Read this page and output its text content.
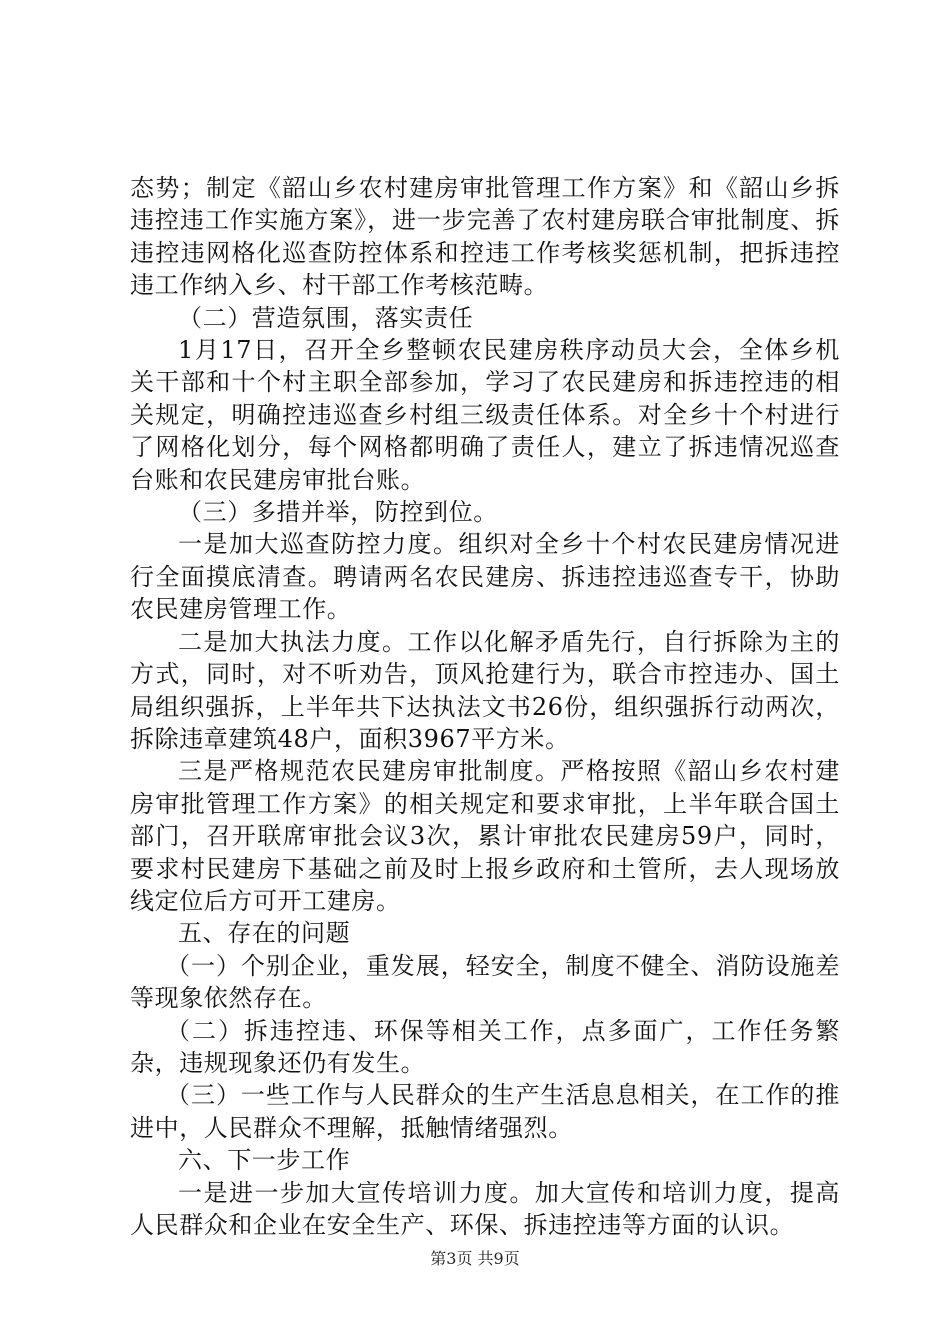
态势；制定《韶山乡农村建房审批管理工作方案》和《韶山乡拆违控违工作实施方案》，进一步完善了农村建房联合审批制度、拆违控违网格化巡查防控体系和控违工作考核奖惩机制，把拆违控违工作纳入乡、村干部工作考核范畴。

（二）营造氛围，落实责任

1月17日，召开全乡整顿农民建房秩序动员大会，全体乡机关干部和十个村主职全部参加，学习了农民建房和拆违控违的相关规定，明确控违巡查乡村组三级责任体系。对全乡十个村进行了网格化划分，每个网格都明确了责任人，建立了拆违情况巡查台账和农民建房审批台账。

（三）多措并举，防控到位。

一是加大巡查防控力度。组织对全乡十个村农民建房情况进行全面摸底清查。聘请两名农民建房、拆违控违巡查专干，协助农民建房管理工作。

二是加大执法力度。工作以化解矛盾先行，自行拆除为主的方式，同时，对不听劝告，顶风抢建行为，联合市控违办、国土局组织强拆，上半年共下达执法文书26份，组织强拆行动两次，拆除违章建筑48户，面积3967平方米。

三是严格规范农民建房审批制度。严格按照《韶山乡农村建房审批管理工作方案》的相关规定和要求审批，上半年联合国土部门，召开联席审批会议3次，累计审批农民建房59户，同时，要求村民建房下基础之前及时上报乡政府和土管所，去人现场放线定位后方可开工建房。

五、存在的问题

（一）个别企业，重发展，轻安全，制度不健全、消防设施差等现象依然存在。

（二）拆违控违、环保等相关工作，点多面广，工作任务繁杂，违规现象还仍有发生。

（三）一些工作与人民群众的生产生活息息相关，在工作的推进中，人民群众不理解，抵触情绪强烈。

六、下一步工作

一是进一步加大宣传培训力度。加大宣传和培训力度，提高人民群众和企业在安全生产、环保、拆违控违等方面的认识。

第3页 共9页
